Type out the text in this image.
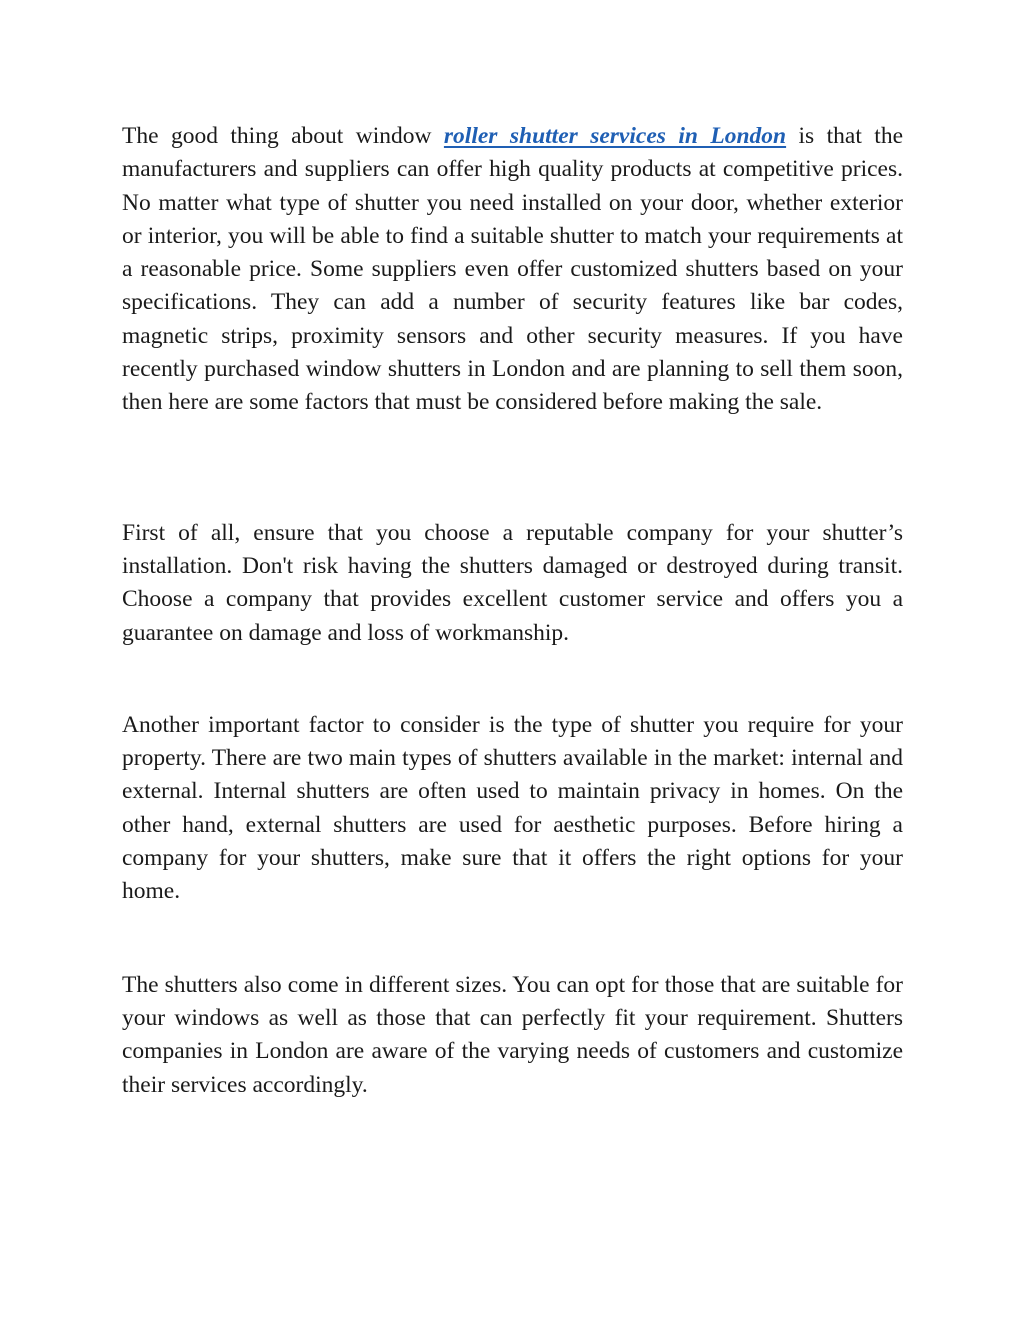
The good thing about window roller shutter services in London is that the manufacturers and suppliers can offer high quality products at competitive prices. No matter what type of shutter you need installed on your door, whether exterior or interior, you will be able to find a suitable shutter to match your requirements at a reasonable price. Some suppliers even offer customized shutters based on your specifications. They can add a number of security features like bar codes, magnetic strips, proximity sensors and other security measures. If you have recently purchased window shutters in London and are planning to sell them soon, then here are some factors that must be considered before making the sale.

First of all, ensure that you choose a reputable company for your shutter’s installation. Don't risk having the shutters damaged or destroyed during transit. Choose a company that provides excellent customer service and offers you a guarantee on damage and loss of workmanship.

Another important factor to consider is the type of shutter you require for your property. There are two main types of shutters available in the market: internal and external. Internal shutters are often used to maintain privacy in homes. On the other hand, external shutters are used for aesthetic purposes. Before hiring a company for your shutters, make sure that it offers the right options for your home.

The shutters also come in different sizes. You can opt for those that are suitable for your windows as well as those that can perfectly fit your requirement. Shutters companies in London are aware of the varying needs of customers and customize their services accordingly.
